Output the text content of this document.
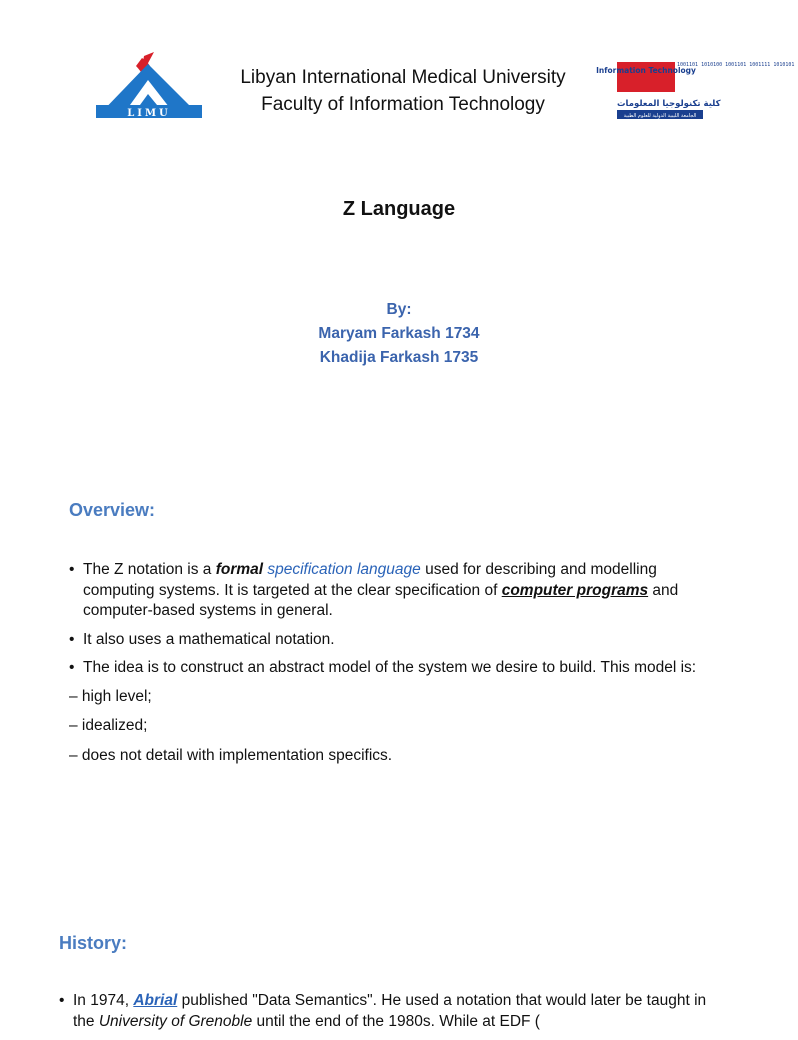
LIMU
Libyan International Medical University
Faculty of Information Technology
Information Technology
1001101 1010100 1001101 1001111 1010101
كلية تكنولوجيا المعلومات
الجامعة الليبية الدولية للعلوم الطبية
Z Language
By:
Maryam Farkash 1734
Khadija Farkash 1735
Overview:
• The Z notation is a formal specification language used for describing and modelling computing systems. It is targeted at the clear specification of computer programs and computer-based systems in general.
• It also uses a mathematical notation.
• The idea is to construct an abstract model of the system we desire to build. This model is:
– high level;
– idealized;
– does not detail with implementation specifics.
History:
• In 1974, Abrial published "Data Semantics". He used a notation that would later be taught in the University of Grenoble until the end of the 1980s. While at EDF (
